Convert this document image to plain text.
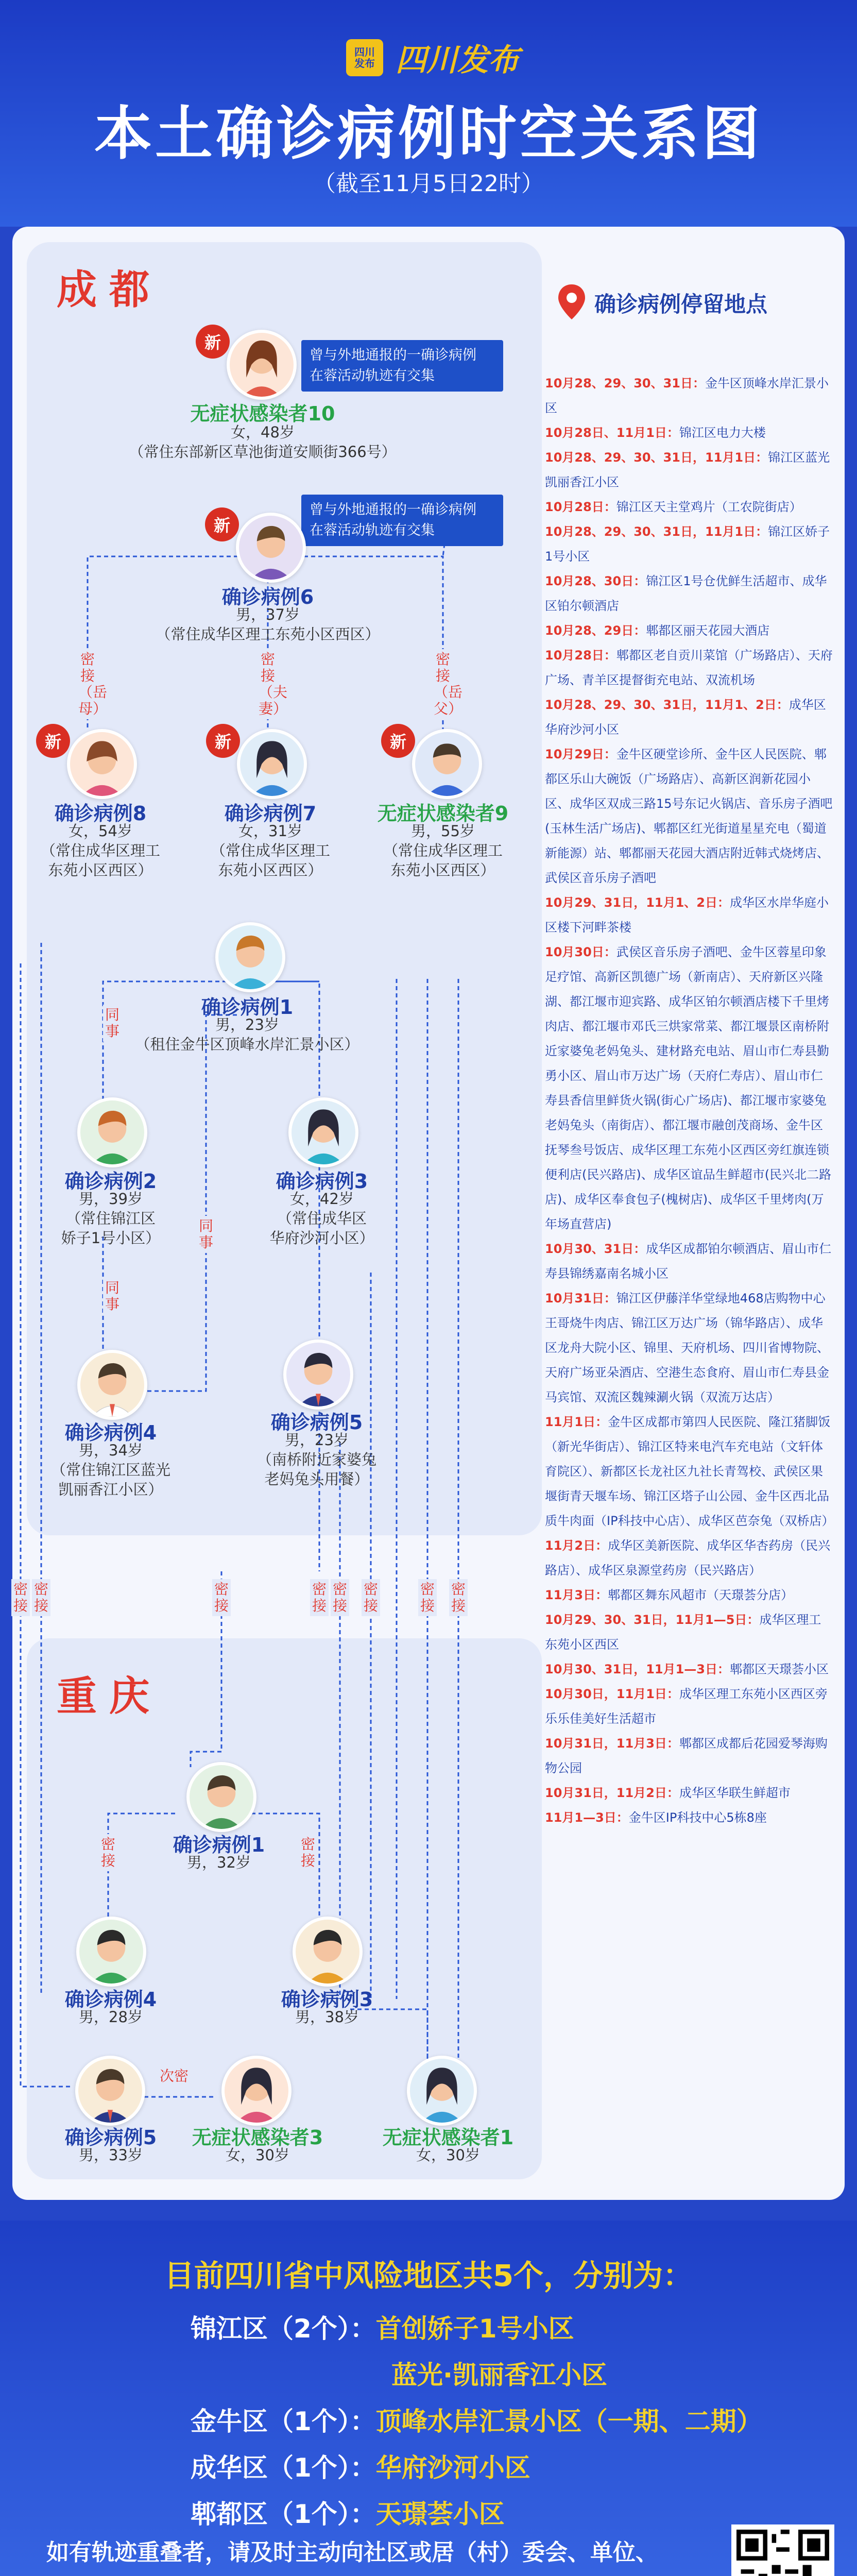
四川
发布 四川发布
本土确诊病例时空关系图
（截至11月5日22时）
成都
重庆
曾与外地通报的一确诊病例
在蓉活动轨迹有交集
曾与外地通报的一确诊病例
在蓉活动轨迹有交集
新
无症状感染者10
女，48岁
（常住东部新区草池街道安顺街366号）
新
确诊病例6
男，37岁
（常住成华区理工东苑小区西区）
密接（岳母）
密接（夫妻）
密接（岳父）
新
确诊病例8
女，54岁
（常住成华区理工
东苑小区西区）
新
确诊病例7
女，31岁
（常住成华区理工
东苑小区西区）
新
无症状感染者9
男，55岁
（常住成华区理工
东苑小区西区）
确诊病例1
男，23岁
（租住金牛区顶峰水岸汇景小区）
同事
同事
同事
确诊病例2
男，39岁
（常住锦江区
娇子1号小区）
确诊病例3
女，42岁
（常住成华区
华府沙河小区）
确诊病例4
男，34岁
（常住锦江区蓝光
凯丽香江小区）
确诊病例5
男，23岁
（南桥附近家婆兔
老妈兔头用餐）
密接
密接
密接
密接
密接
密接
密接
密接
确诊病例1
男，32岁
密接
密接
确诊病例4
男，28岁
确诊病例3
男，38岁
确诊病例5
男，33岁
次密
无症状感染者3
女，30岁
无症状感染者1
女，30岁
确诊病例停留地点
10月28、29、30、31日：金牛区顶峰水岸汇景小区
10月28日、11月1日：锦江区电力大楼
10月28、29、30、31日，11月1日：锦江区蓝光凯丽香江小区
10月28日：锦江区天主堂鸡片（工农院街店）
10月28、29、30、31日，11月1日：锦江区娇子1号小区
10月28、30日：锦江区1号仓优鲜生活超市、成华区铂尔顿酒店
10月28、29日：郫都区丽天花园大酒店
10月28日：郫都区老自贡川菜馆（广场路店）、天府广场、青羊区提督街充电站、双流机场
10月28、29、30、31日，11月1、2日：成华区华府沙河小区
10月29日：金牛区硬堂诊所、金牛区人民医院、郫都区乐山大碗饭（广场路店）、高新区润新花园小区、成华区双成三路15号东记火锅店、音乐房子酒吧(玉林生活广场店)、郫都区红光街道星星充电（蜀道新能源）站、郫都丽天花园大酒店附近韩式烧烤店、武侯区音乐房子酒吧
10月29、31日，11月1、2日：成华区水岸华庭小区楼下河畔茶楼
10月30日：武侯区音乐房子酒吧、金牛区蓉星印象足疗馆、高新区凯德广场（新南店）、天府新区兴隆湖、都江堰市迎宾路、成华区铂尔顿酒店楼下千里烤肉店、都江堰市邓氏三烘家常菜、都江堰景区南桥附近家婆兔老妈兔头、建材路充电站、眉山市仁寿县勤勇小区、眉山市万达广场（天府仁寿店）、眉山市仁寿县香信里鲜货火锅(街心广场店)、都江堰市家婆兔老妈兔头（南街店）、都江堰市融创茂商场、金牛区抚琴叁号饭店、成华区理工东苑小区西区旁红旗连锁便利店(民兴路店)、成华区谊品生鲜超市(民兴北二路店)、成华区奉食包子(槐树店)、成华区千里烤肉(万年场直营店)
10月30、31日：成华区成都铂尔顿酒店、眉山市仁寿县锦绣嘉南名城小区
10月31日：锦江区伊藤洋华堂绿地468店购物中心王哥烧牛肉店、锦江区万达广场（锦华路店）、成华区龙舟大院小区、锦里、天府机场、四川省博物院、天府广场亚朵酒店、空港生态食府、眉山市仁寿县金马宾馆、双流区魏辣涮火锅（双流万达店）
11月1日：金牛区成都市第四人民医院、隆江猪脚饭（新光华街店）、锦江区特来电汽车充电站（文轩体育院区）、新都区长龙社区九社长青驾校、武侯区果堰街青天堰车场、锦江区塔子山公园、金牛区西北品质牛肉面（IP科技中心店）、成华区芭奈兔（双桥店）
11月2日：成华区美新医院、成华区华杏药房（民兴路店）、成华区泉源堂药房（民兴路店）
11月3日：郫都区舞东风超市（天璟荟分店）
10月29、30、31日，11月1—5日：成华区理工东苑小区西区
10月30、31日，11月1—3日：郫都区天璟荟小区
10月30日，11月1日：成华区理工东苑小区西区旁乐乐佳美好生活超市
10月31日，11月3日：郫都区成都后花园爱琴海购物公园
10月31日，11月2日：成华区华联生鲜超市
11月1—3日：金牛区IP科技中心5栋8座
目前四川省中风险地区共5个，分别为：
锦江区（2个）：首创娇子1号小区
蓝光·凯丽香江小区
金牛区（1个）：顶峰水岸汇景小区（一期、二期）
成华区（1个）：华府沙河小区
郫都区（1个）：天璟荟小区
如有轨迹重叠者，请及时主动向社区或居（村）委会、单位、
